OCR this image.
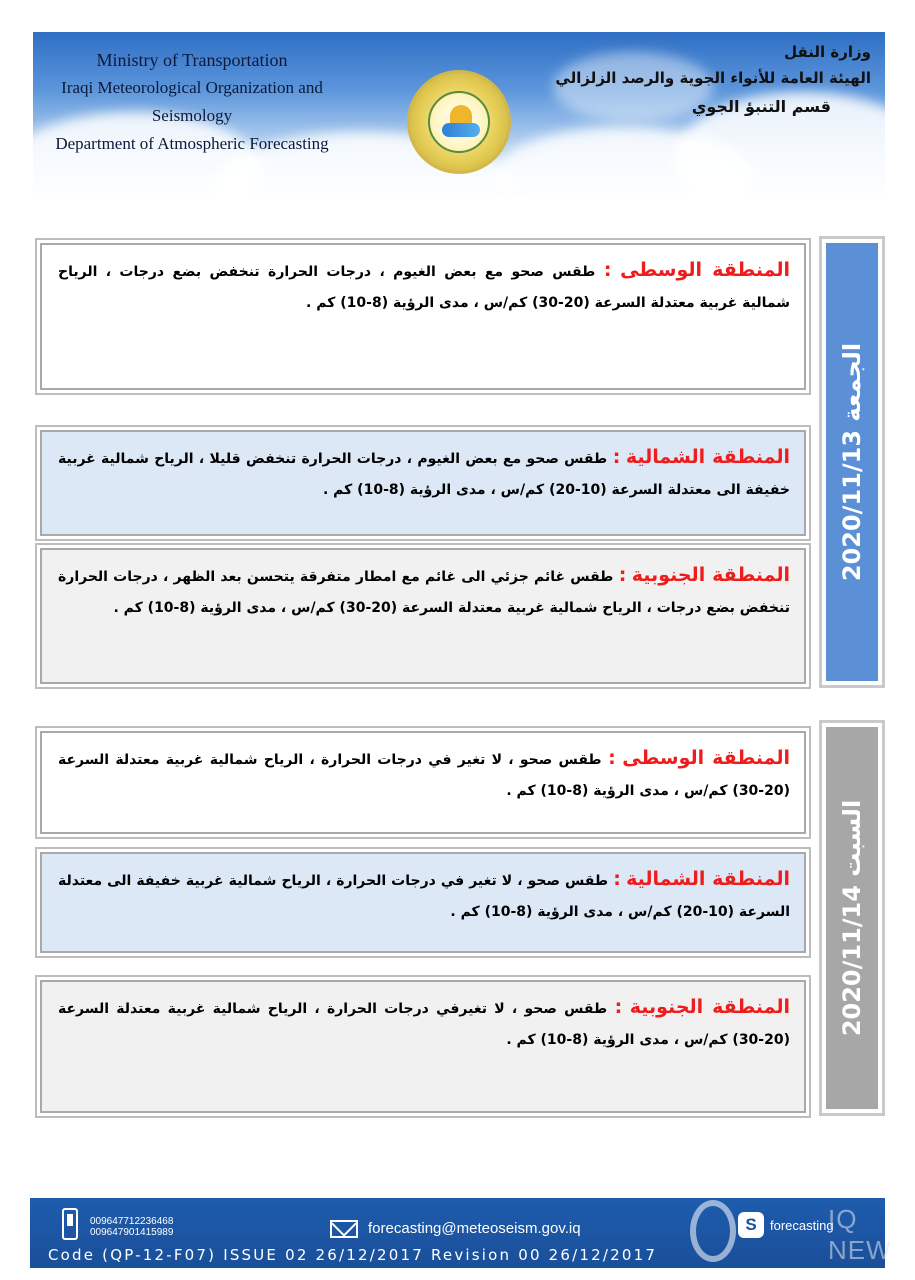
Ministry of Transportation
Iraqi Meteorological Organization and Seismology
Department of Atmospheric Forecasting
وزارة النقل
الهيئة العامة للأنواء الجوية والرصد الزلزالي
قسم التنبؤ الجوي
الجمعة 2020/11/13
السبت 2020/11/14

المنطقة الوسطى : طقس صحو مع بعض الغيوم ، درجات الحرارة تنخفض بضع درجات ، الرياح شمالية غربية معتدلة السرعة (20-30) كم/س ، مدى الرؤية (8-10) كم .

المنطقة الشمالية : طقس صحو مع بعض الغيوم ، درجات الحرارة تنخفض قليلا ، الرياح شمالية غربية خفيفة الى معتدلة السرعة (10-20) كم/س ، مدى الرؤية (8-10) كم .

المنطقة الجنوبية : طقس غائم جزئي الى غائم مع امطار متفرقة يتحسن بعد الظهر ، درجات الحرارة تنخفض بضع درجات ، الرياح شمالية غربية معتدلة السرعة (20-30) كم/س ، مدى الرؤية (8-10) كم .

المنطقة الوسطى : طقس صحو ، لا تغير في درجات الحرارة ، الرياح شمالية غربية معتدلة السرعة (20-30) كم/س ، مدى الرؤية (8-10) كم .

المنطقة الشمالية : طقس صحو ، لا تغير في درجات الحرارة ، الرياح شمالية غربية خفيفة الى معتدلة السرعة (10-20) كم/س ، مدى الرؤية (8-10) كم .

المنطقة الجنوبية : طقس صحو ، لا تغيرفي درجات الحرارة ، الرياح شمالية غربية معتدلة السرعة (20-30) كم/س ، مدى الرؤية (8-10) كم .

009647712236468
009647901415989	forecasting@meteoseism.gov.iq	S	forecasting
Code (QP-12-F07) ISSUE 02 26/12/2017 Revision 00 26/12/2017
IQ NEW
